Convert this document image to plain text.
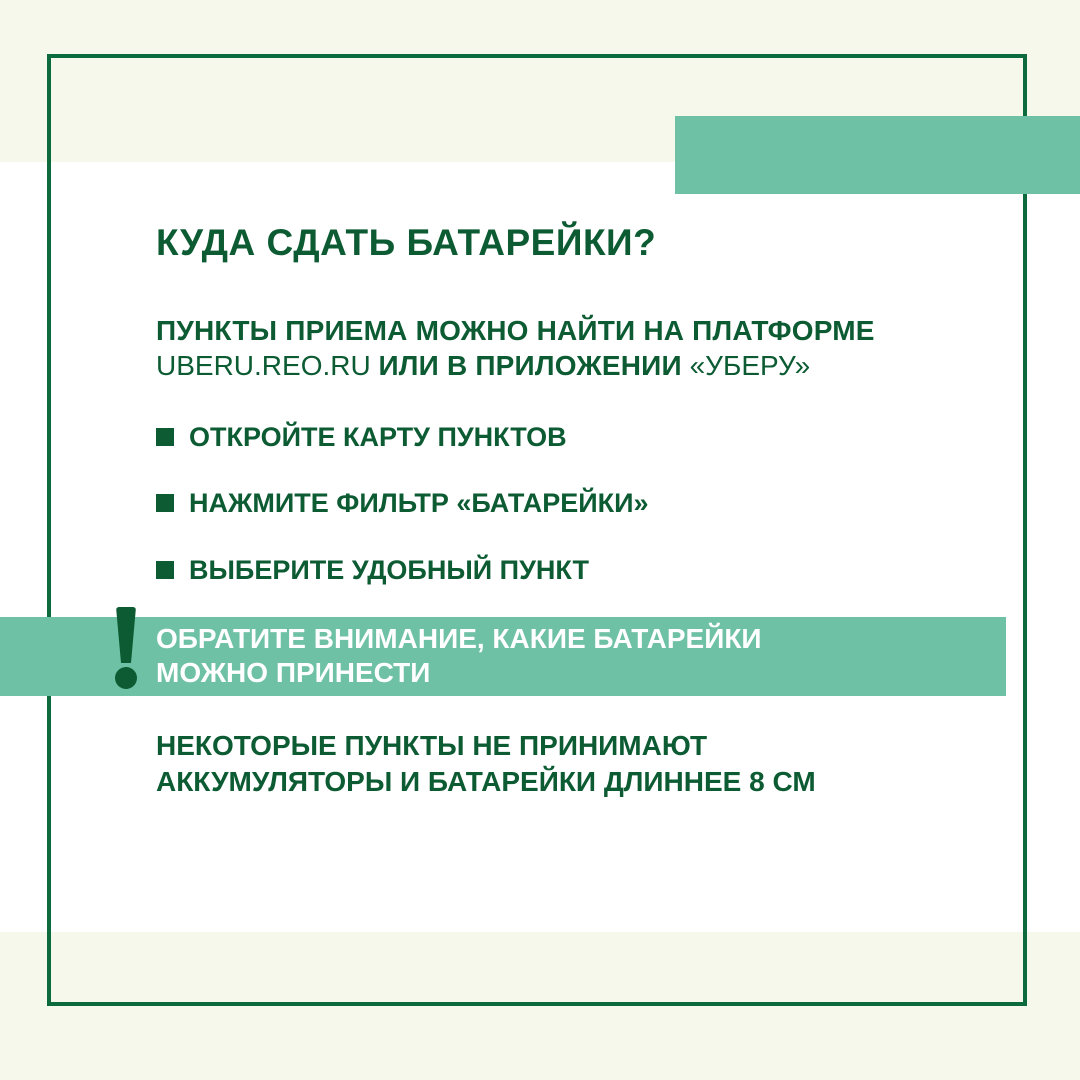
КУДА СДАТЬ БАТАРЕЙКИ?
ПУНКТЫ ПРИЕМА МОЖНО НАЙТИ НА ПЛАТФОРМЕ
UBERU.REO.RU ИЛИ В ПРИЛОЖЕНИИ «УБЕРУ»
ОТКРОЙТЕ КАРТУ ПУНКТОВ
НАЖМИТЕ ФИЛЬТР «БАТАРЕЙКИ»
ВЫБЕРИТЕ УДОБНЫЙ ПУНКТ
ОБРАТИТЕ ВНИМАНИЕ, КАКИЕ БАТАРЕЙКИ
МОЖНО ПРИНЕСТИ
НЕКОТОРЫЕ ПУНКТЫ НЕ ПРИНИМАЮТ
АККУМУЛЯТОРЫ И БАТАРЕЙКИ ДЛИННЕЕ 8 СМ
